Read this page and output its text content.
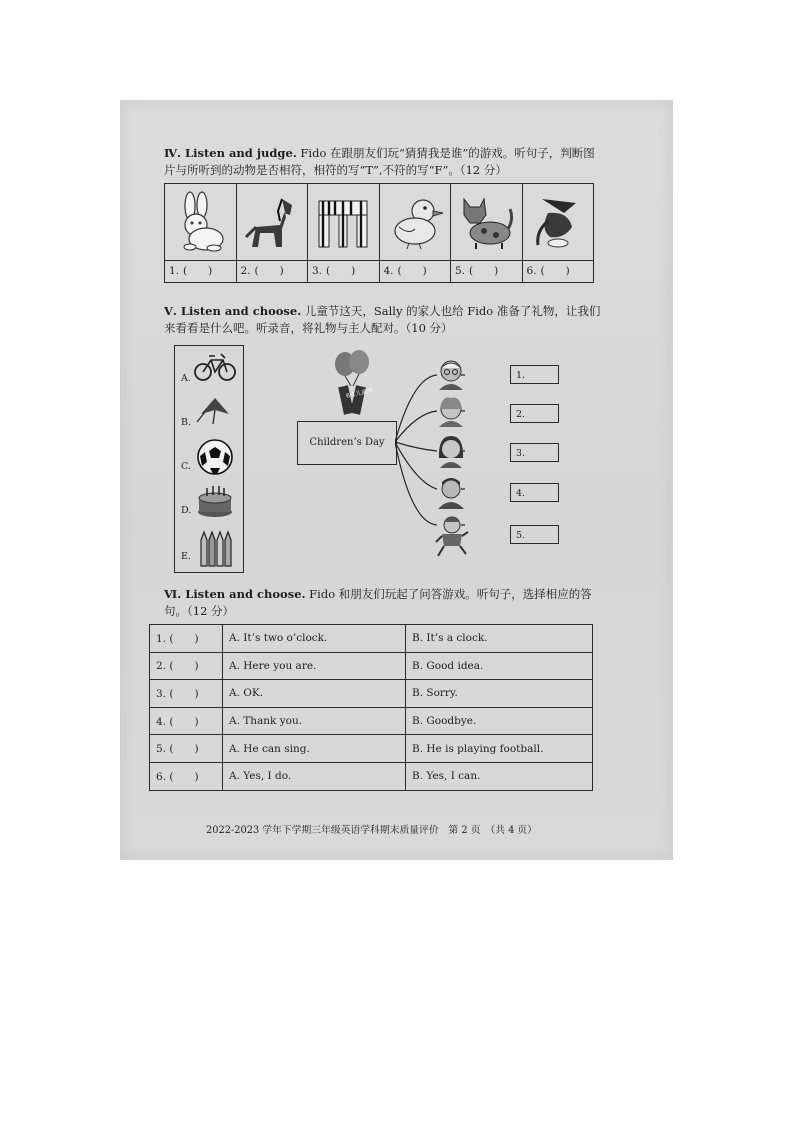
Ⅳ. Listen and judge. Fido 在跟朋友们玩“猜猜我是谁”的游戏。听句子，判断图片与所听到的动物是否相符，相符的写“T”,不符的写“F”。（12 分）
1. (　　)	2. (　　)	3. (　　)	4. (　　)	5. (　　)	6. (　　)
Ⅴ. Listen and choose. 儿童节这天，Sally 的家人也给 Fido 准备了礼物，让我们来看看是什么吧。听录音，将礼物与主人配对。（10 分）
A.
B.
C.
D.
E.
6·1儿童节
Children’s Day
1.
2.
3.
4.
5.
Ⅵ. Listen and choose. Fido 和朋友们玩起了问答游戏。听句子，选择相应的答句。（12 分）
1. (　　)	A. It’s two o’clock.	B. It’s a clock.
2. (　　)	A. Here you are.	B. Good idea.
3. (　　)	A. OK.	B. Sorry.
4. (　　)	A. Thank you.	B. Goodbye.
5. (　　)	A. He can sing.	B. He is playing football.
6. (　　)	A. Yes, I do.	B. Yes, I can.
2022-2023 学年下学期三年级英语学科期末质量评价　第 2 页　（共 4 页）
